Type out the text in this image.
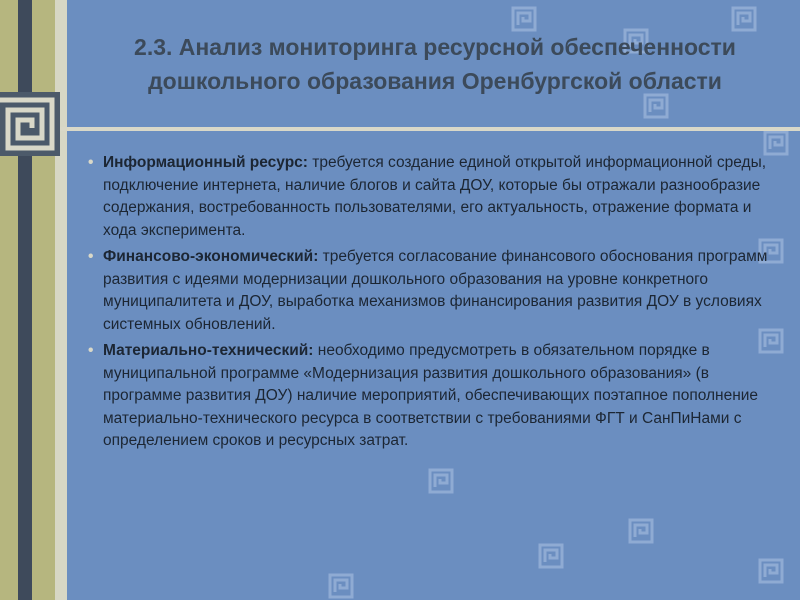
2.3. Анализ мониторинга ресурсной обеспеченности
дошкольного образования Оренбургской области
• Информационный ресурс: требуется создание единой открытой информационной среды, подключение интернета, наличие блогов и сайта ДОУ, которые бы отражали разнообразие содержания, востребованность пользователями, его актуальность, отражение формата и хода эксперимента.
• Финансово-экономический: требуется согласование финансового обоснования программ развития с идеями модернизации дошкольного образования на уровне конкретного муниципалитета и ДОУ, выработка механизмов финансирования развития ДОУ в условиях системных обновлений.
• Материально-технический: необходимо предусмотреть в обязательном порядке в муниципальной программе «Модернизация развития дошкольного образования» (в программе развития ДОУ) наличие мероприятий, обеспечивающих поэтапное пополнение материально-технического ресурса в соответствии с требованиями ФГТ и СанПиНами с определением сроков и ресурсных затрат.
